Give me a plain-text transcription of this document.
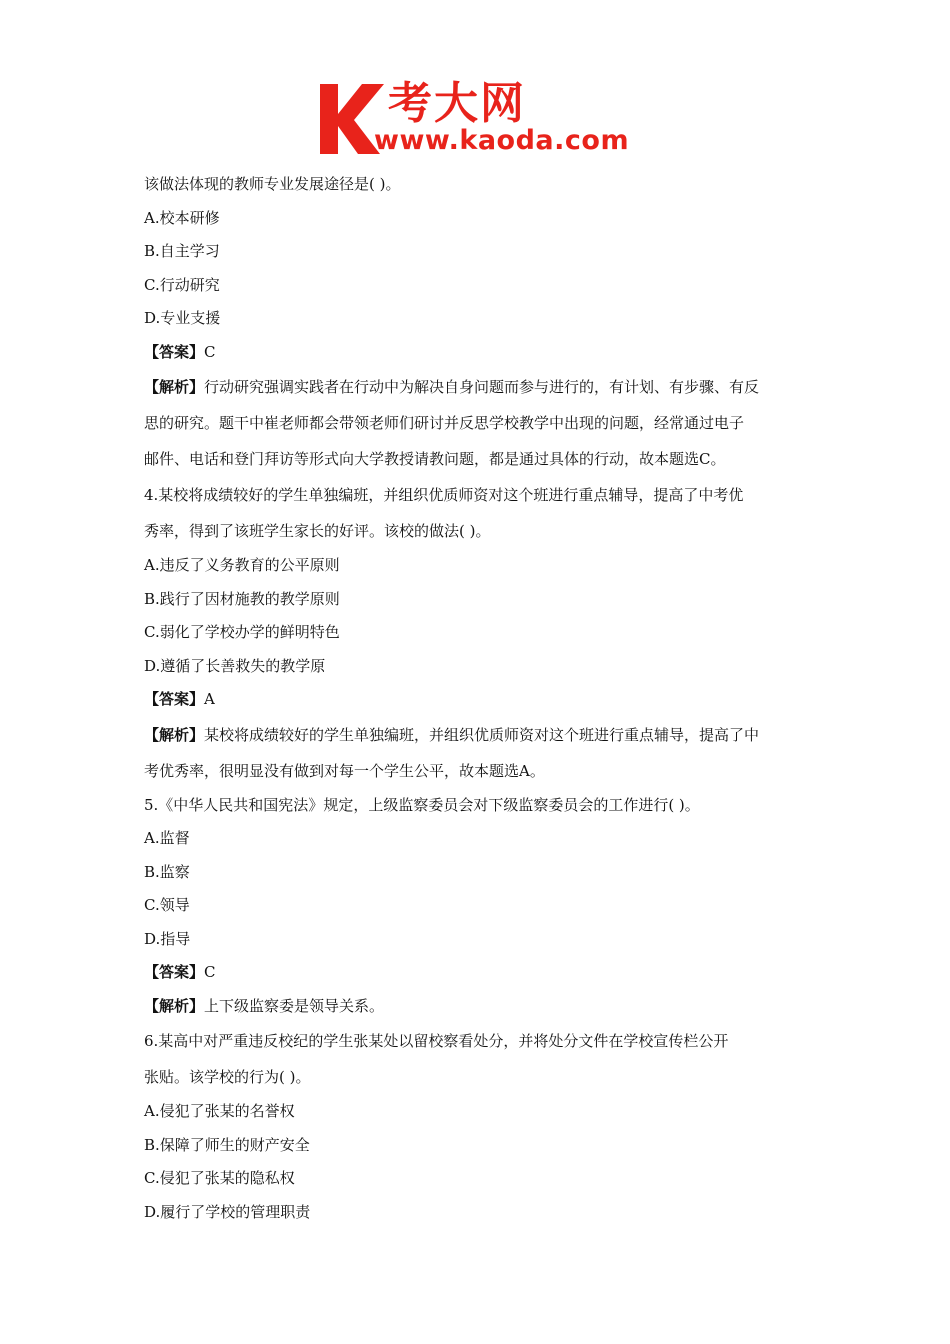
考大网
www.kaoda.com
该做法体现的教师专业发展途径是( )。
A.校本研修
B.自主学习
C.行动研究
D.专业支援
【答案】C
【解析】行动研究强调实践者在行动中为解决自身问题而参与进行的，有计划、有步骤、有反
思的研究。题干中崔老师都会带领老师们研讨并反思学校教学中出现的问题，经常通过电子
邮件、电话和登门拜访等形式向大学教授请教问题，都是通过具体的行动，故本题选C。
4.某校将成绩较好的学生单独编班，并组织优质师资对这个班进行重点辅导，提高了中考优
秀率，得到了该班学生家长的好评。该校的做法( )。
A.违反了义务教育的公平原则
B.践行了因材施教的教学原则
C.弱化了学校办学的鲜明特色
D.遵循了长善救失的教学原
【答案】A
【解析】某校将成绩较好的学生单独编班，并组织优质师资对这个班进行重点辅导，提高了中
考优秀率，很明显没有做到对每一个学生公平，故本题选A。
5.《中华人民共和国宪法》规定，上级监察委员会对下级监察委员会的工作进行( )。
A.监督
B.监察
C.领导
D.指导
【答案】C
【解析】上下级监察委是领导关系。
6.某高中对严重违反校纪的学生张某处以留校察看处分，并将处分文件在学校宣传栏公开
张贴。该学校的行为( )。
A.侵犯了张某的名誉权
B.保障了师生的财产安全
C.侵犯了张某的隐私权
D.履行了学校的管理职责
